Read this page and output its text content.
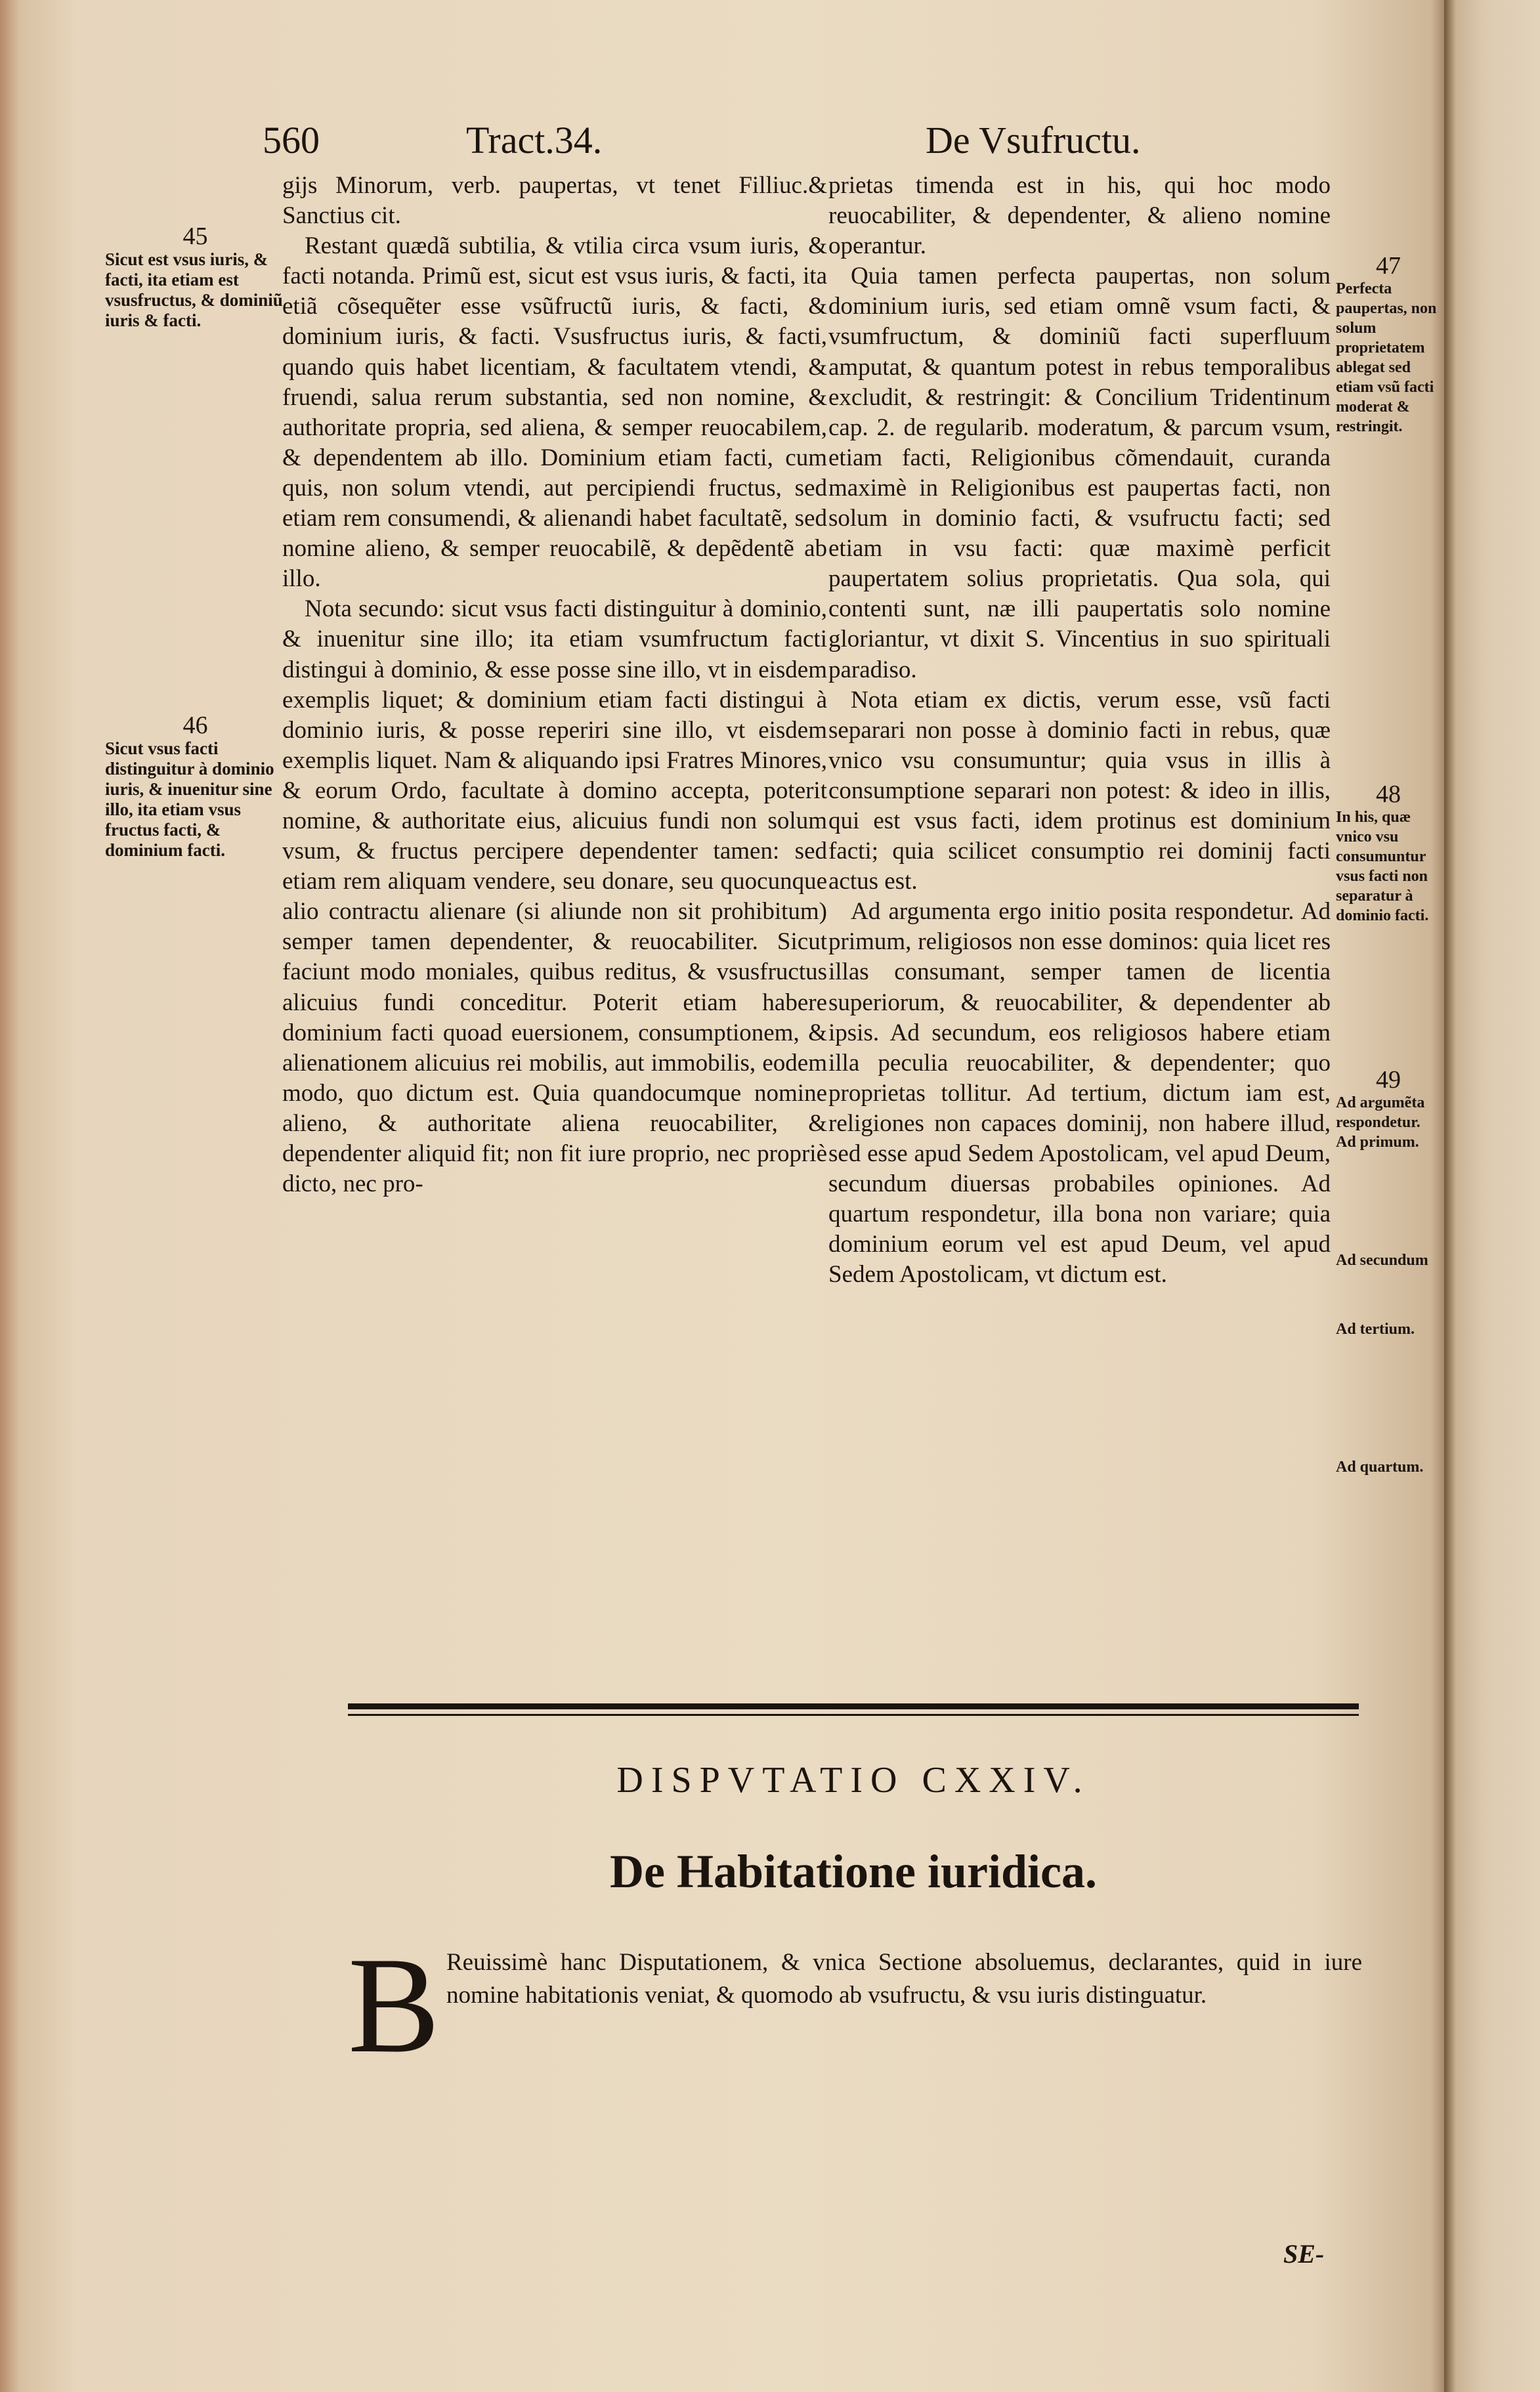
560	Tract.34.	De Vsufructu.

gijs Minorum, verb. paupertas, vt tenet Filliuc.& Sanctius cit.

Restant quædã subtilia, & vtilia circa vsum iuris, & facti notanda. Primũ est, sicut est vsus iuris, & facti, ita etiã cõsequẽter esse vsũfructũ iuris, & facti, & dominium iuris, & facti. Vsusfructus iuris, & facti, quando quis habet licentiam, & facultatem vtendi, & fruendi, salua rerum substantia, sed non nomine, & authoritate propria, sed aliena, & semper reuocabilem, & dependentem ab illo. Dominium etiam facti, cum quis, non solum vtendi, aut percipiendi fructus, sed etiam rem consumendi, & alienandi habet facultatẽ, sed nomine alieno, & semper reuocabilẽ, & depẽdentẽ ab illo.

Nota secundo: sicut vsus facti distinguitur à dominio, & inuenitur sine illo; ita etiam vsumfructum facti distingui à dominio, & esse posse sine illo, vt in eisdem exemplis liquet; & dominium etiam facti distingui à dominio iuris, & posse reperiri sine illo, vt eisdem exemplis liquet. Nam & aliquando ipsi Fratres Minores, & eorum Ordo, facultate à domino accepta, poterit nomine, & authoritate eius, alicuius fundi non solum vsum, & fructus percipere dependenter tamen: sed etiam rem aliquam vendere, seu donare, seu quocunque alio contractu alienare (si aliunde non sit prohibitum) semper tamen dependenter, & reuocabiliter. Sicut faciunt modo moniales, quibus reditus, & vsusfructus alicuius fundi conceditur. Poterit etiam habere dominium facti quoad euersionem, consumptionem, & alienationem alicuius rei mobilis, aut immobilis, eodem modo, quo dictum est. Quia quandocumque nomine alieno, & authoritate aliena reuocabiliter, & dependenter aliquid fit; non fit iure proprio, nec propriè dicto, nec pro-

prietas timenda est in his, qui hoc modo reuocabiliter, & dependenter, & alieno nomine operantur.

Quia tamen perfecta paupertas, non solum dominium iuris, sed etiam omnẽ vsum facti, & vsumfructum, & dominiũ facti superfluum amputat, & quantum potest in rebus temporalibus excludit, & restringit: & Concilium Tridentinum cap. 2. de regularib. moderatum, & parcum vsum, etiam facti, Religionibus cõmendauit, curanda maximè in Religionibus est paupertas facti, non solum in dominio facti, & vsufructu facti; sed etiam in vsu facti: quæ maximè perficit paupertatem solius proprietatis. Qua sola, qui contenti sunt, næ illi paupertatis solo nomine gloriantur, vt dixit S. Vincentius in suo spirituali paradiso.

Nota etiam ex dictis, verum esse, vsũ facti separari non posse à dominio facti in rebus, quæ vnico vsu consumuntur; quia vsus in illis à consumptione separari non potest: & ideo in illis, qui est vsus facti, idem protinus est dominium facti; quia scilicet consumptio rei dominij facti actus est.

Ad argumenta ergo initio posita respondetur. Ad primum, religiosos non esse dominos: quia licet res illas consumant, semper tamen de licentia superiorum, & reuocabiliter, & dependenter ab ipsis. Ad secundum, eos religiosos habere etiam illa peculia reuocabiliter, & dependenter; quo proprietas tollitur. Ad tertium, dictum iam est, religiones non capaces dominij, non habere illud, sed esse apud Sedem Apostolicam, vel apud Deum, secundum diuersas probabiles opiniones. Ad quartum respondetur, illa bona non variare; quia dominium eorum vel est apud Deum, vel apud Sedem Apostolicam, vt dictum est.

45
Sicut est vsus iuris, & facti, ita etiam est vsusfructus, & dominiũ iuris & facti.
46
Sicut vsus facti distinguitur à dominio iuris, & inuenitur sine illo, ita etiam vsus fructus facti, & dominium facti.
47
Perfecta paupertas, non solum proprietatem ablegat sed etiam vsũ facti moderat & restringit.
48
In his, quæ vnico vsu consumuntur vsus facti non separatur à dominio facti.
49
Ad argumẽta respondetur. Ad primum.
Ad secundum
Ad tertium.
Ad quartum.
DISPVTATIO CXXIV.
De Habitatione iuridica.
B Reuissimè hanc Disputationem, & vnica Sectione absoluemus, declarantes, quid in iure nomine habitationis veniat, & quomodo ab vsufructu, & vsu iuris distinguatur.
SE-
